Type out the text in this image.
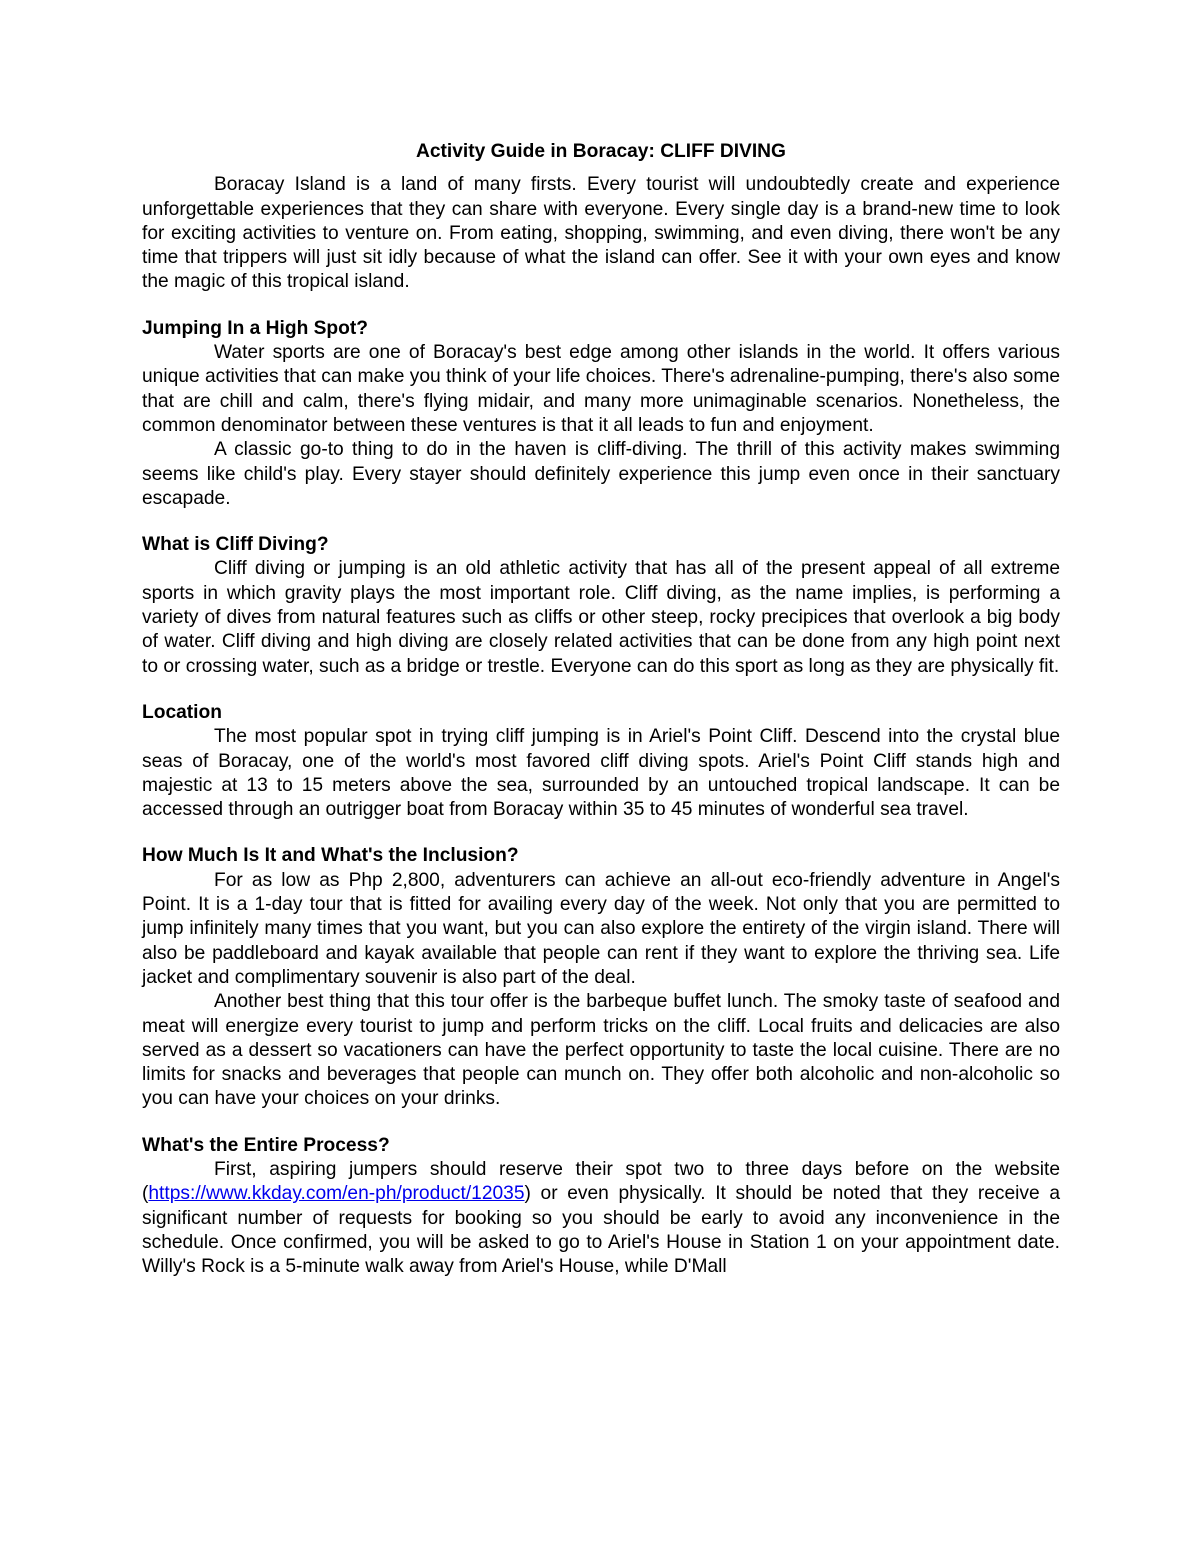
Activity Guide in Boracay: CLIFF DIVING

Boracay Island is a land of many firsts. Every tourist will undoubtedly create and experience unforgettable experiences that they can share with everyone. Every single day is a brand-new time to look for exciting activities to venture on. From eating, shopping, swimming, and even diving, there won't be any time that trippers will just sit idly because of what the island can offer. See it with your own eyes and know the magic of this tropical island.

Jumping In a High Spot?

Water sports are one of Boracay's best edge among other islands in the world. It offers various unique activities that can make you think of your life choices. There's adrenaline-pumping, there's also some that are chill and calm, there's flying midair, and many more unimaginable scenarios. Nonetheless, the common denominator between these ventures is that it all leads to fun and enjoyment.

A classic go-to thing to do in the haven is cliff-diving. The thrill of this activity makes swimming seems like child's play. Every stayer should definitely experience this jump even once in their sanctuary escapade.

What is Cliff Diving?

Cliff diving or jumping is an old athletic activity that has all of the present appeal of all extreme sports in which gravity plays the most important role. Cliff diving, as the name implies, is performing a variety of dives from natural features such as cliffs or other steep, rocky precipices that overlook a big body of water. Cliff diving and high diving are closely related activities that can be done from any high point next to or crossing water, such as a bridge or trestle. Everyone can do this sport as long as they are physically fit.

Location

The most popular spot in trying cliff jumping is in Ariel's Point Cliff. Descend into the crystal blue seas of Boracay, one of the world's most favored cliff diving spots. Ariel's Point Cliff stands high and majestic at 13 to 15 meters above the sea, surrounded by an untouched tropical landscape. It can be accessed through an outrigger boat from Boracay within 35 to 45 minutes of wonderful sea travel.

How Much Is It and What's the Inclusion?

For as low as Php 2,800, adventurers can achieve an all-out eco-friendly adventure in Angel's Point. It is a 1-day tour that is fitted for availing every day of the week. Not only that you are permitted to jump infinitely many times that you want, but you can also explore the entirety of the virgin island. There will also be paddleboard and kayak available that people can rent if they want to explore the thriving sea. Life jacket and complimentary souvenir is also part of the deal.

Another best thing that this tour offer is the barbeque buffet lunch. The smoky taste of seafood and meat will energize every tourist to jump and perform tricks on the cliff. Local fruits and delicacies are also served as a dessert so vacationers can have the perfect opportunity to taste the local cuisine. There are no limits for snacks and beverages that people can munch on. They offer both alcoholic and non-alcoholic so you can have your choices on your drinks.

What's the Entire Process?

First, aspiring jumpers should reserve their spot two to three days before on the website (https://www.kkday.com/en-ph/product/12035) or even physically. It should be noted that they receive a significant number of requests for booking so you should be early to avoid any inconvenience in the schedule. Once confirmed, you will be asked to go to Ariel's House in Station 1 on your appointment date. Willy's Rock is a 5-minute walk away from Ariel's House, while D'Mall
